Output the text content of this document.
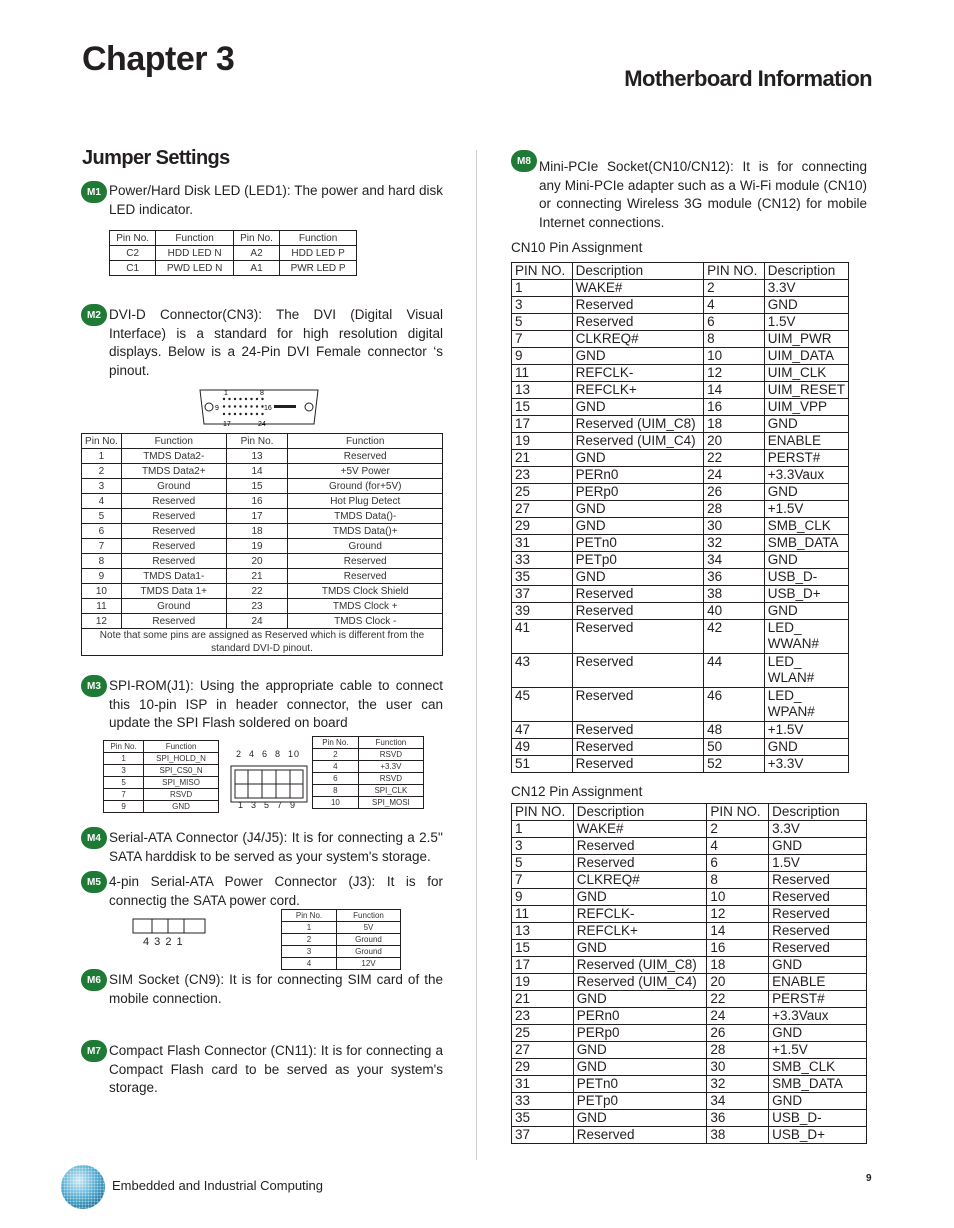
Chapter 3
Motherboard Information
Jumper Settings
M1 Power/Hard Disk LED (LED1): The power and hard disk LED indicator.
Pin No.	Function	Pin No.	Function
C2	HDD LED N	A2	HDD LED P
C1	PWD LED N	A1	PWR LED P
M2 DVI-D Connector(CN3): The DVI (Digital Visual Interface) is a standard for high resolution digital displays. Below is a 24-Pin DVI Female connector ‘s pinout.
1	8
9	16
17	24
Pin No.	Function	Pin No.	Function
1	TMDS Data2-	13	Reserved
2	TMDS Data2+	14	+5V Power
3	Ground	15	Ground (for+5V)
4	Reserved	16	Hot Plug Detect
5	Reserved	17	TMDS Data()-
6	Reserved	18	TMDS Data()+
7	Reserved	19	Ground
8	Reserved	20	Reserved
9	TMDS Data1-	21	Reserved
10	TMDS Data 1+	22	TMDS Clock Shield
11	Ground	23	TMDS Clock +
12	Reserved	24	TMDS Clock -
Note that some pins are assigned as Reserved which is different from the standard DVI-D pinout.			
M3 SPI-ROM(J1): Using the appropriate cable to connect this 10-pin ISP in header connector, the user can update the SPI Flash soldered on board
Pin No.	Function
1	SPI_HOLD_N
3	SPI_CS0_N
5	SPI_MISO
7	RSVD
9	GND
2  4  6  8  10
1  3  5  7  9
Pin No.	Function
2	RSVD
4	+3.3V
6	RSVD
8	SPI_CLK
10	SPI_MOSI
M4 Serial-ATA Connector (J4/J5): It is for connecting a 2.5'' SATA harddisk to be served as your system's storage.
M5 4-pin Serial-ATA Power Connector (J3): It is for connectig the SATA power cord.
4 3 2 1
Pin No.	Function
1	5V
2	Ground
3	Ground
4	12V
M6 SIM Socket (CN9): It is for connecting SIM card of the mobile connection.
M7 Compact Flash Connector (CN11): It is for connecting a Compact Flash card to be served as your system's storage.
M8 Mini-PCIe Socket(CN10/CN12): It is for connecting any Mini-PCIe adapter such as a Wi-Fi module (CN10) or connecting Wireless 3G module (CN12) for mobile Internet connections.
CN10 Pin Assignment
PIN NO.	Description	PIN NO.	Description
1	WAKE#	2	3.3V
3	Reserved	4	GND
5	Reserved	6	1.5V
7	CLKREQ#	8	UIM_PWR
9	GND	10	UIM_DATA
11	REFCLK-	12	UIM_CLK
13	REFCLK+	14	UIM_RESET
15	GND	16	UIM_VPP
17	Reserved (UIM_C8)	18	GND
19	Reserved (UIM_C4)	20	ENABLE
21	GND	22	PERST#
23	PERn0	24	+3.3Vaux
25	PERp0	26	GND
27	GND	28	+1.5V
29	GND	30	SMB_CLK
31	PETn0	32	SMB_DATA
33	PETp0	34	GND
35	GND	36	USB_D-
37	Reserved	38	USB_D+
39	Reserved	40	GND
41	Reserved	42	LED_ WWAN#
43	Reserved	44	LED_ WLAN#
45	Reserved	46	LED_ WPAN#
47	Reserved	48	+1.5V
49	Reserved	50	GND
51	Reserved	52	+3.3V
CN12 Pin Assignment
PIN NO.	Description	PIN NO.	Description
1	WAKE#	2	3.3V
3	Reserved	4	GND
5	Reserved	6	1.5V
7	CLKREQ#	8	Reserved
9	GND	10	Reserved
11	REFCLK-	12	Reserved
13	REFCLK+	14	Reserved
15	GND	16	Reserved
17	Reserved (UIM_C8)	18	GND
19	Reserved (UIM_C4)	20	ENABLE
21	GND	22	PERST#
23	PERn0	24	+3.3Vaux
25	PERp0	26	GND
27	GND	28	+1.5V
29	GND	30	SMB_CLK
31	PETn0	32	SMB_DATA
33	PETp0	34	GND
35	GND	36	USB_D-
37	Reserved	38	USB_D+
Embedded and Industrial Computing	9
